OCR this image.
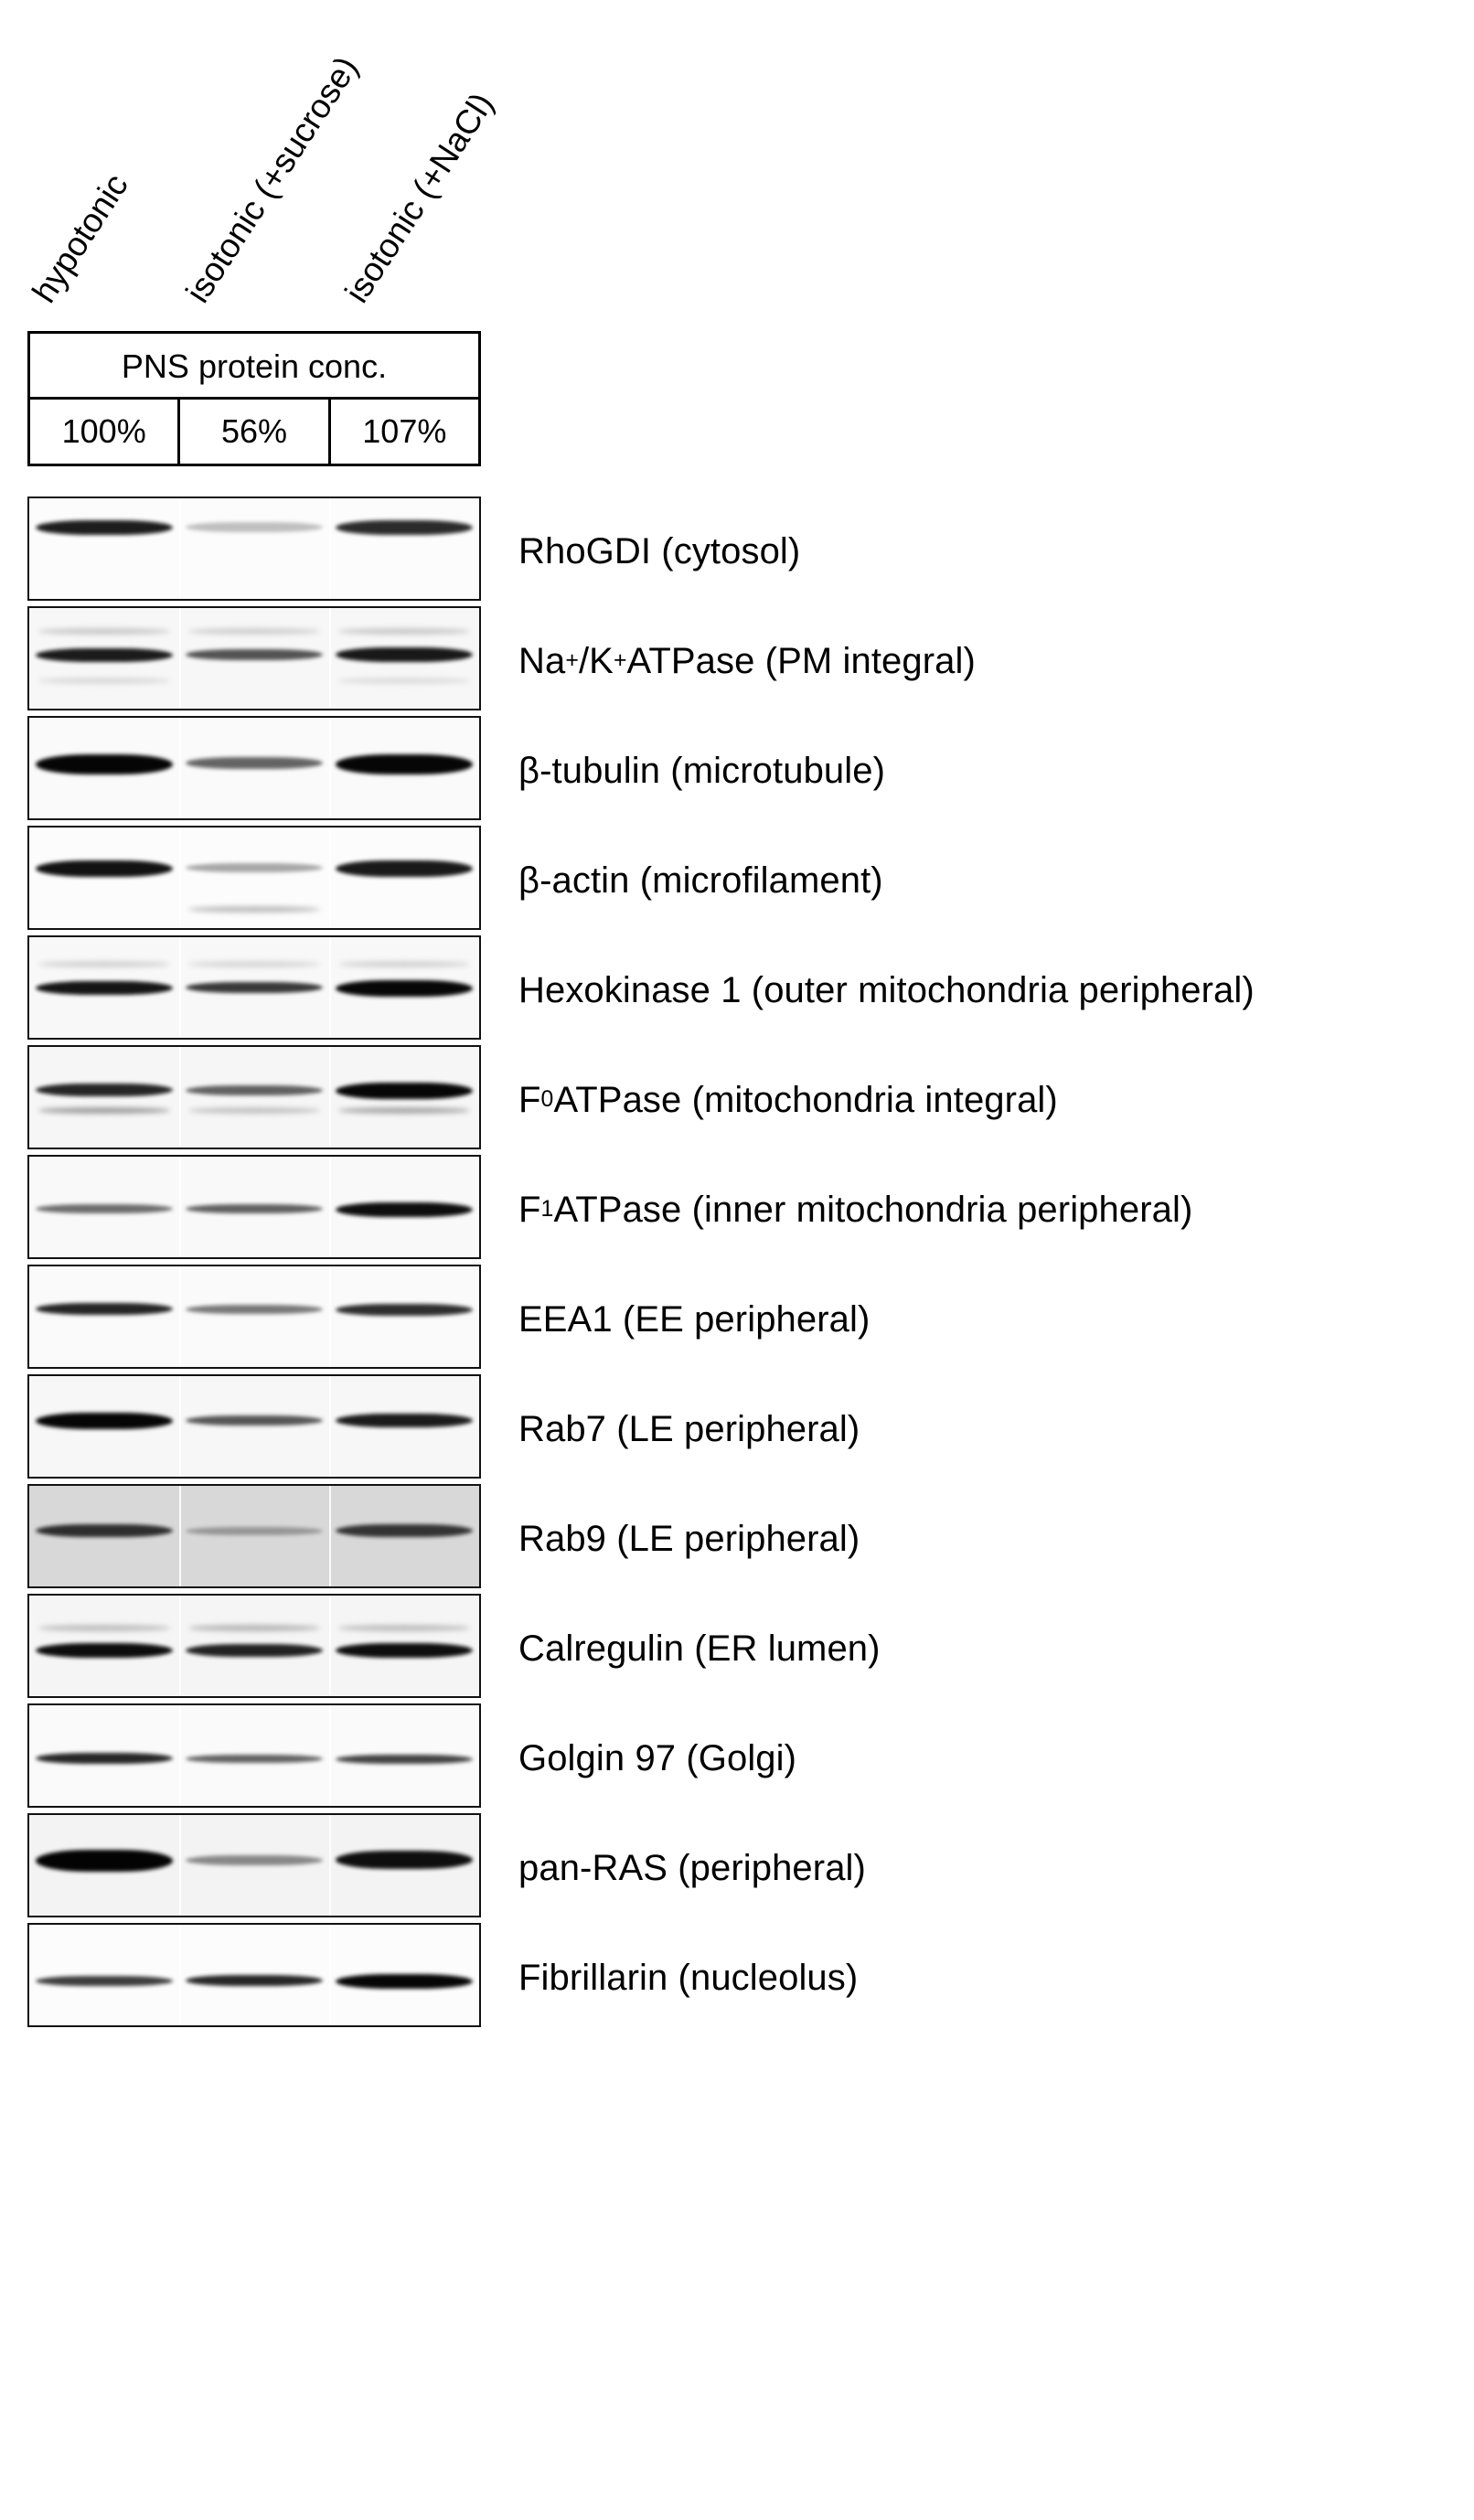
hypotonic isotonic (+sucrose)
isotonic (+NaCl)
PNS protein conc.
100%	56%	107%
RhoGDI (cytosol)
Na + /K + ATPase (PM integral)
β-tubulin (microtubule)
β-actin (microfilament)
Hexokinase 1 (outer mitochondria peripheral)
F 0 ATPase (mitochondria integral)
F 1 ATPase (inner mitochondria peripheral)
EEA1 (EE peripheral)
Rab7 (LE peripheral)
Rab9 (LE peripheral)
Calregulin (ER lumen)
Golgin 97 (Golgi)
pan-RAS (peripheral)
Fibrillarin (nucleolus)
